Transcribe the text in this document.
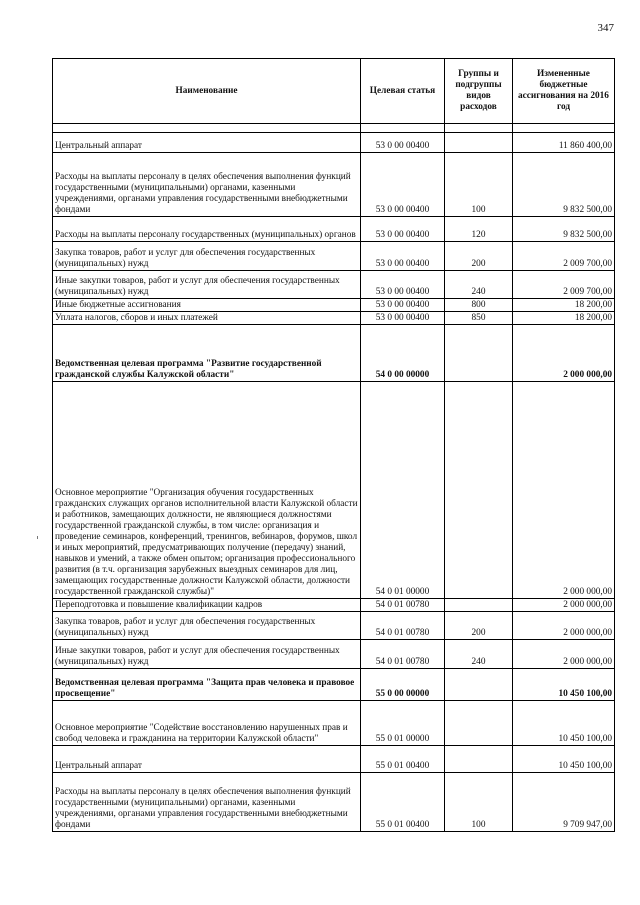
347
Наименование	Целевая статья	Группы и подгруппы видов расходов	Измененные бюджетные ассигнования на 2016 год

Центральный аппарат	53 0 00 00400		11 860 400,00
Расходы на выплаты персоналу в целях обеспечения выполнения функций государственными (муниципальными) органами, казенными учреждениями, органами управления государственными внебюджетными фондами	53 0 00 00400	100	9 832 500,00
Расходы на выплаты персоналу государственных (муниципальных) органов	53 0 00 00400	120	9 832 500,00
Закупка товаров, работ и услуг для обеспечения государственных (муниципальных) нужд	53 0 00 00400	200	2 009 700,00
Иные закупки товаров, работ и услуг для обеспечения государственных (муниципальных) нужд	53 0 00 00400	240	2 009 700,00
Иные бюджетные ассигнования	53 0 00 00400	800	18 200,00
Уплата налогов, сборов и иных платежей	53 0 00 00400	850	18 200,00
Ведомственная целевая программа "Развитие государственной гражданской службы Калужской области"	54 0 00 00000		2 000 000,00
Основное мероприятие "Организация обучения государственных гражданских служащих органов исполнительной власти Калужской области и работников, замещающих должности, не являющиеся должностями государственной гражданской службы, в том числе: организация и проведение семинаров, конференций, тренингов, вебинаров, форумов, школ и иных мероприятий, предусматривающих получение (передачу) знаний, навыков и умений, а также обмен опытом; организация профессионального развития (в т.ч. организация зарубежных выездных семинаров для лиц, замещающих государственные должности Калужской области, должности государственной гражданской службы)"	54 0 01 00000		2 000 000,00
Переподготовка и повышение квалификации кадров	54 0 01 00780		2 000 000,00
Закупка товаров, работ и услуг для обеспечения государственных (муниципальных) нужд	54 0 01 00780	200	2 000 000,00
Иные закупки товаров, работ и услуг для обеспечения государственных (муниципальных) нужд	54 0 01 00780	240	2 000 000,00
Ведомственная целевая программа "Защита прав человека и правовое просвещение"	55 0 00 00000		10 450 100,00
Основное мероприятие "Содействие восстановлению нарушенных прав и свобод человека и гражданина на территории Калужской области"	55 0 01 00000		10 450 100,00
Центральный аппарат	55 0 01 00400		10 450 100,00
Расходы на выплаты персоналу в целях обеспечения выполнения функций государственными (муниципальными) органами, казенными учреждениями, органами управления государственными внебюджетными фондами	55 0 01 00400	100	9 709 947,00
